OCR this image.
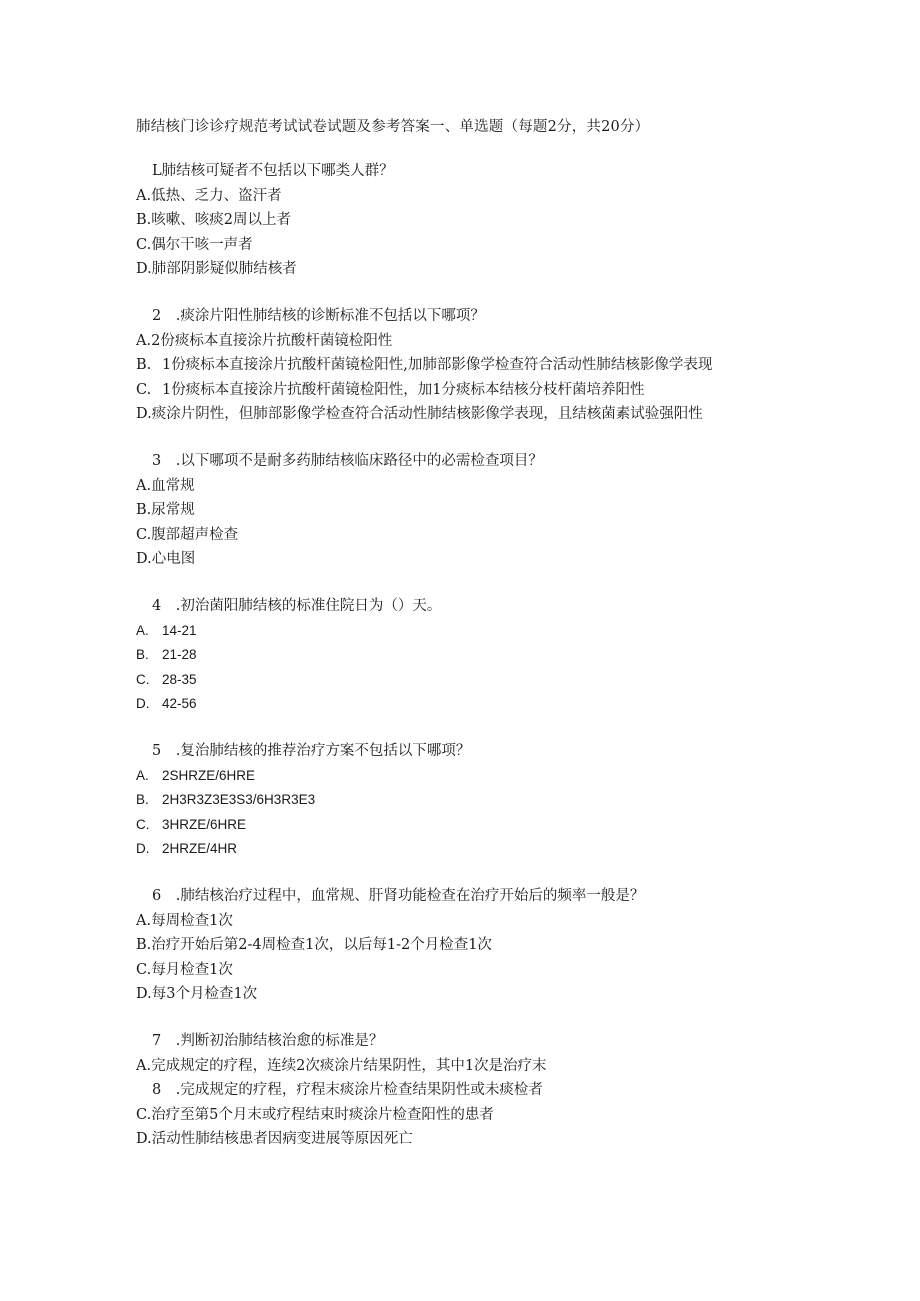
肺结核门诊诊疗规范考试试卷试题及参考答案一、单选题（每题2分，共20分）
L肺结核可疑者不包括以下哪类人群？
A.低热、乏力、盗汗者
B.咳嗽、咳痰2周以上者
C.偶尔干咳一声者
D.肺部阴影疑似肺结核者
2　.痰涂片阳性肺结核的诊断标准不包括以下哪项？
A.2份痰标本直接涂片抗酸杆菌镜检阳性
B. 1份痰标本直接涂片抗酸杆菌镜检阳性,加肺部影像学检查符合活动性肺结核影像学表现
C. 1份痰标本直接涂片抗酸杆菌镜检阳性，加1分痰标本结核分枝杆菌培养阳性
D.痰涂片阴性，但肺部影像学检查符合活动性肺结核影像学表现，且结核菌素试验强阳性
3　.以下哪项不是耐多药肺结核临床路径中的必需检查项目？
A.血常规
B.尿常规
C.腹部超声检查
D.心电图
4　.初治菌阳肺结核的标准住院日为（）天。
A. 14-21
B. 21-28
C. 28-35
D. 42-56
5　.复治肺结核的推荐治疗方案不包括以下哪项？
A. 2SHRZE/6HRE
B. 2H3R3Z3E3S3/6H3R3E3
C. 3HRZE/6HRE
D. 2HRZE/4HR
6　.肺结核治疗过程中，血常规、肝肾功能检查在治疗开始后的频率一般是？
A.每周检查1次
B.治疗开始后第2-4周检查1次，以后每1-2个月检查1次
C.每月检查1次
D.每3个月检查1次
7　.判断初治肺结核治愈的标准是？
A.完成规定的疗程，连续2次痰涂片结果阴性，其中1次是治疗末
8　.完成规定的疗程，疗程末痰涂片检查结果阴性或未痰检者
C.治疗至第5个月末或疗程结束时痰涂片检查阳性的患者
D.活动性肺结核患者因病变进展等原因死亡
